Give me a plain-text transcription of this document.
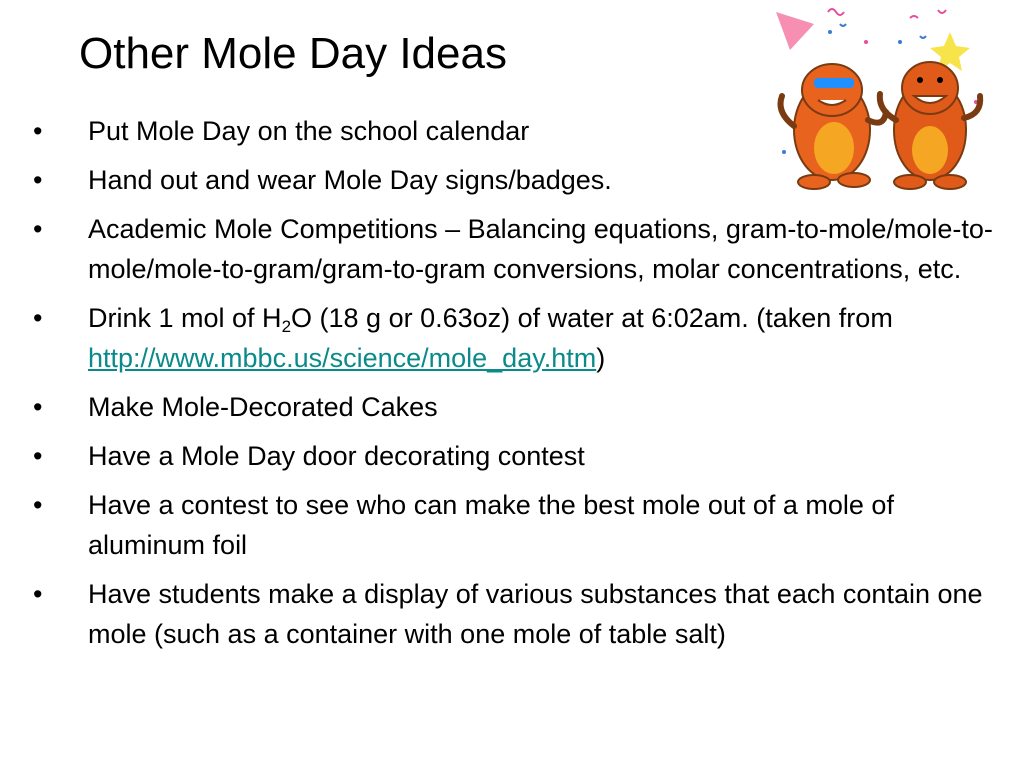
Other Mole Day Ideas
• Put Mole Day on the school calendar
• Hand out and wear Mole Day signs/badges.
• Academic Mole Competitions – Balancing equations, gram-to-mole/mole-to-mole/mole-to-gram/gram-to-gram conversions, molar concentrations, etc.
• Drink 1 mol of $H_2O$ (18 g or 0.63oz) of water at 6:02am. (taken from http://www.mbbc.us/science/mole_day.htm)
• Make Mole-Decorated Cakes
• Have a Mole Day door decorating contest
• Have a contest to see who can make the best mole out of a mole of aluminum foil
• Have students make a display of various substances that each contain one mole (such as a container with one mole of table salt)
